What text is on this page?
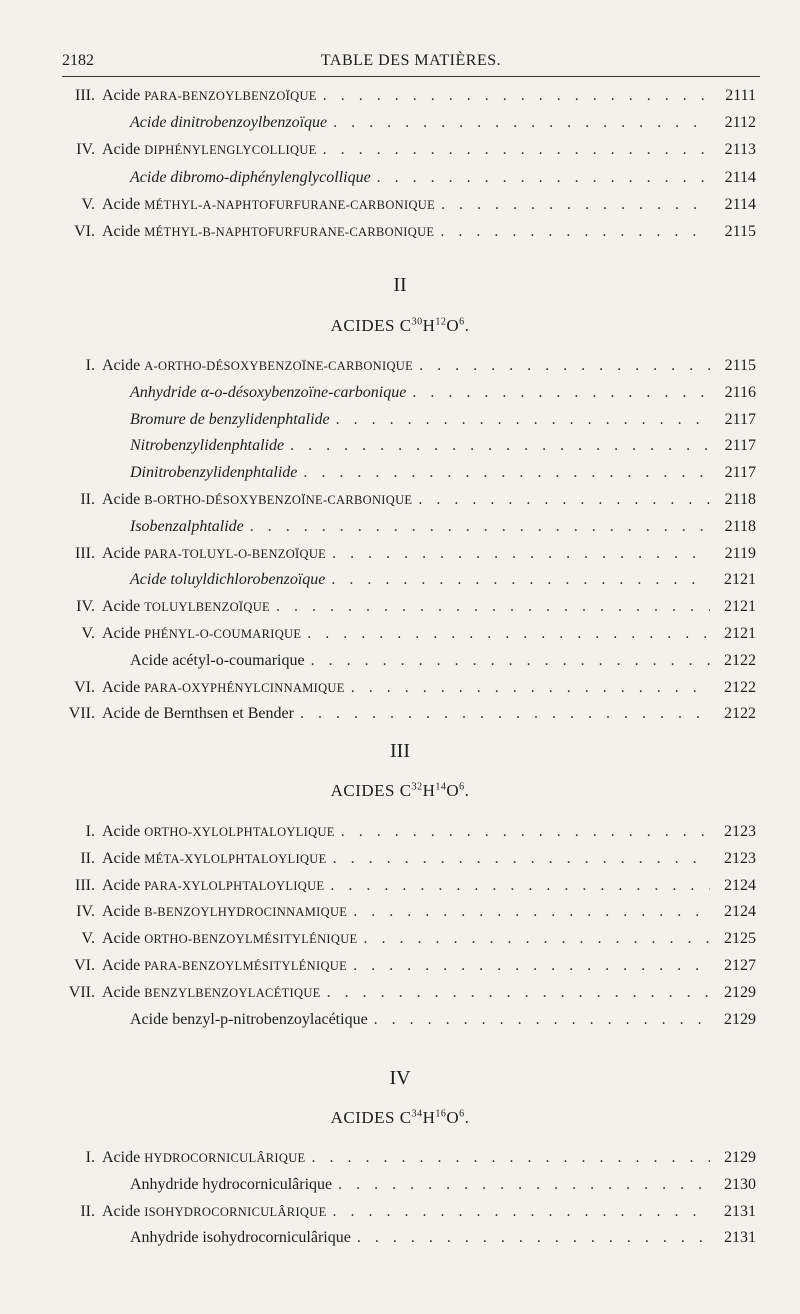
2182	TABLE DES MATIÈRES.
III. Acide PARA-BENZOYLBENZOÏQUE . . .	2111
Acide dinitrobenzoylbenzoïque . . .	2112
IV. Acide DIPHÉNYLENGLYCOLLIQUE . . .	2113
Acide dibromo-diphénylenglycollique . . .	2114
V. Acide MÉTHYL-Α-NAPHTOFURFURANE-CARBONIQUE . . .	2114
VI. Acide MÉTHYL-Β-NAPHTOFURFURANE-CARBONIQUE . . .	2115
II
ACIDES $C^{30}H^{12}O^6$.
I. Acide Α-ORTHO-DÉSOXYBENZOÏNE-CARBONIQUE . . .	2115
Anhydride α-o-désoxybenzoïne-carbonique . . .	2116
Bromure de benzylidenphtalide . . .	2117
Nitrobenzylidenphtalide . . .	2117
Dinitrobenzylidenphtalide . . .	2117
II. Acide Β-ORTHO-DÉSOXYBENZOÏNE-CARBONIQUE . . .	2118
Isobenzalphtalide . . .	2118
III. Acide PARA-TOLUYL-O-BENZOÏQUE . . .	2119
Acide toluyldichlorobenzoïque . . .	2121
IV. Acide TOLUYLBENZOÏQUE . . .	2121
V. Acide PHÉNYL-O-COUMARIQUE . . .	2121
Acide acétyl-o-coumarique . . .	2122
VI. Acide PARA-OXYPHÉNYLCINNAMIQUE . . .	2122
VII. Acide de Bernthsen et Bender . . .	2122
III
ACIDES $C^{32}H^{14}O^6$.
I. Acide ORTHO-XYLOLPHTALOYLIQUE . . .	2123
II. Acide MÉTA-XYLOLPHTALOYLIQUE . . .	2123
III. Acide PARA-XYLOLPHTALOYLIQUE . . .	2124
IV. Acide Β-BENZOYLHYDROCINNAMIQUE . . .	2124
V. Acide ORTHO-BENZOYLMÉSITYLÉNIQUE . . .	2125
VI. Acide PARA-BENZOYLMÉSITYLÉNIQUE . . .	2127
VII. Acide BENZYLBENZOYLACÉTIQUE . . .	2129
Acide benzyl-p-nitrobenzoylacétique . . .	2129
IV
ACIDES $C^{34}H^{16}O^6$.
I. Acide HYDROCORNICULÂRIQUE . . .	2129
Anhydride hydrocorniculârique . . .	2130
II. Acide ISOHYDROCORNICULÂRIQUE . . .	2131
Anhydride isohydrocorniculârique . . .	2131
